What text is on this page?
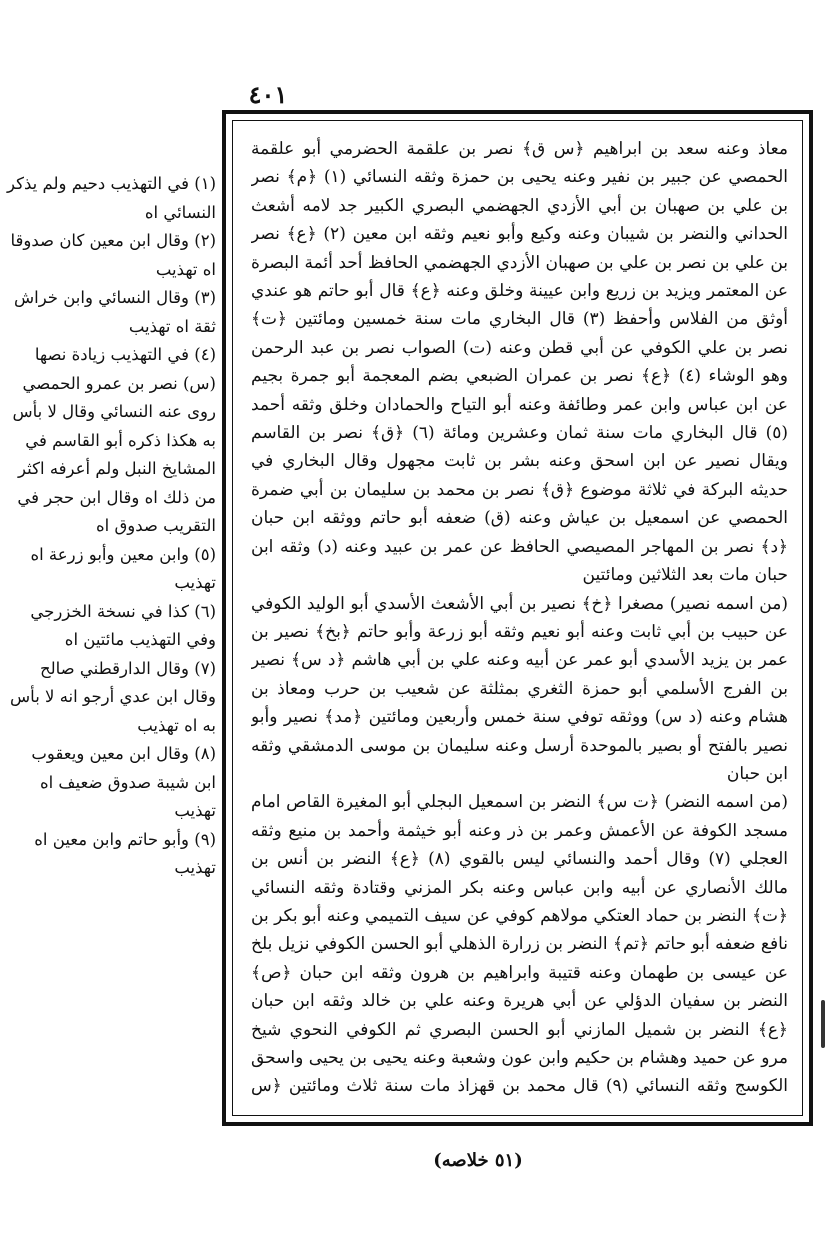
٤٠١

(١) في التهذيب دحيم ولم يذكر النسائي اه

(٢) وقال ابن معين كان صدوقا اه تهذيب

(٣) وقال النسائي وابن خراش ثقة اه تهذيب

(٤) في التهذيب زيادة نصها (س) نصر بن عمرو الحمصي روى عنه النسائي وقال لا بأس به هكذا ذكره أبو القاسم في المشايخ النبل ولم أعرفه اكثر من ذلك اه وقال ابن حجر في التقريب صدوق اه

(٥) وابن معين وأبو زرعة اه تهذيب

(٦) كذا في نسخة الخزرجي وفي التهذيب مائتين اه

(٧) وقال الدارقطني صالح وقال ابن عدي أرجو انه لا بأس به اه تهذيب

(٨) وقال ابن معين ويعقوب ابن شيبة صدوق ضعيف اه تهذيب

(٩) وأبو حاتم وابن معين اه تهذيب

معاذ وعنه سعد بن ابراهيم ﴿س ق﴾ نصر بن علقمة الحضرمي أبو علقمة الحمصي عن جبير بن نفير وعنه يحيى بن حمزة وثقه النسائي (١) ﴿م﴾ نصر بن علي بن صهبان بن أبي الأزدي الجهضمي البصري الكبير جد لامه أشعث الحداني والنضر بن شيبان وعنه وكيع وأبو نعيم وثقه ابن معين (٢) ﴿ع﴾ نصر بن علي بن نصر بن علي بن صهبان الأزدي الجهضمي الحافظ أحد أئمة البصرة عن المعتمر ويزيد بن زريع وابن عيينة وخلق وعنه ﴿ع﴾ قال أبو حاتم هو عندي أوثق من الفلاس وأحفظ (٣) قال البخاري مات سنة خمسين ومائتين ﴿ت﴾ نصر بن علي الكوفي عن أبي قطن وعنه (ت) الصواب نصر بن عبد الرحمن وهو الوشاء (٤) ﴿ع﴾ نصر بن عمران الضبعي بضم المعجمة أبو جمرة بجيم عن ابن عباس وابن عمر وطائفة وعنه أبو التياح والحمادان وخلق وثقه أحمد (٥) قال البخاري مات سنة ثمان وعشرين ومائة (٦) ﴿ق﴾ نصر بن القاسم ويقال نصير عن ابن اسحق وعنه بشر بن ثابت مجهول وقال البخاري في حديثه البركة في ثلاثة موضوع ﴿ق﴾ نصر بن محمد بن سليمان بن أبي ضمرة الحمصي عن اسمعيل بن عياش وعنه (ق) ضعفه أبو حاتم ووثقه ابن حبان ﴿د﴾ نصر بن المهاجر المصيصي الحافظ عن عمر بن عبيد وعنه (د) وثقه ابن حبان مات بعد الثلاثين ومائتين

(من اسمه نصير) مصغرا ﴿خ﴾ نصير بن أبي الأشعث الأسدي أبو الوليد الكوفي عن حبيب بن أبي ثابت وعنه أبو نعيم وثقه أبو زرعة وأبو حاتم ﴿بخ﴾ نصير بن عمر بن يزيد الأسدي أبو عمر عن أبيه وعنه علي بن أبي هاشم ﴿د س﴾ نصير بن الفرج الأسلمي أبو حمزة الثغري بمثلثة عن شعيب بن حرب ومعاذ بن هشام وعنه (د س) ووثقه توفي سنة خمس وأربعين ومائتين ﴿مد﴾ نصير وأبو نصير بالفتح أو بصير بالموحدة أرسل وعنه سليمان بن موسى الدمشقي وثقه ابن حبان

(من اسمه النضر) ﴿ت س﴾ النضر بن اسمعيل البجلي أبو المغيرة القاص امام مسجد الكوفة عن الأعمش وعمر بن ذر وعنه أبو خيثمة وأحمد بن منيع وثقه العجلي (٧) وقال أحمد والنسائي ليس بالقوي (٨) ﴿ع﴾ النضر بن أنس بن مالك الأنصاري عن أبيه وابن عباس وعنه بكر المزني وقتادة وثقه النسائي ﴿ت﴾ النضر بن حماد العتكي مولاهم كوفي عن سيف التميمي وعنه أبو بكر بن نافع ضعفه أبو حاتم ﴿تم﴾ النضر بن زرارة الذهلي أبو الحسن الكوفي نزيل بلخ عن عيسى بن طهمان وعنه قتيبة وابراهيم بن هرون وثقه ابن حبان ﴿ص﴾ النضر بن سفيان الدؤلي عن أبي هريرة وعنه علي بن خالد وثقه ابن حبان ﴿ع﴾ النضر بن شميل المازني أبو الحسن البصري ثم الكوفي النحوي شيخ مرو عن حميد وهشام بن حكيم وابن عون وشعبة وعنه يحيى بن يحيى واسحق الكوسج وثقه النسائي (٩) قال محمد بن قهزاذ مات سنة ثلاث ومائتين ﴿س

(٥١ خلاصه)
